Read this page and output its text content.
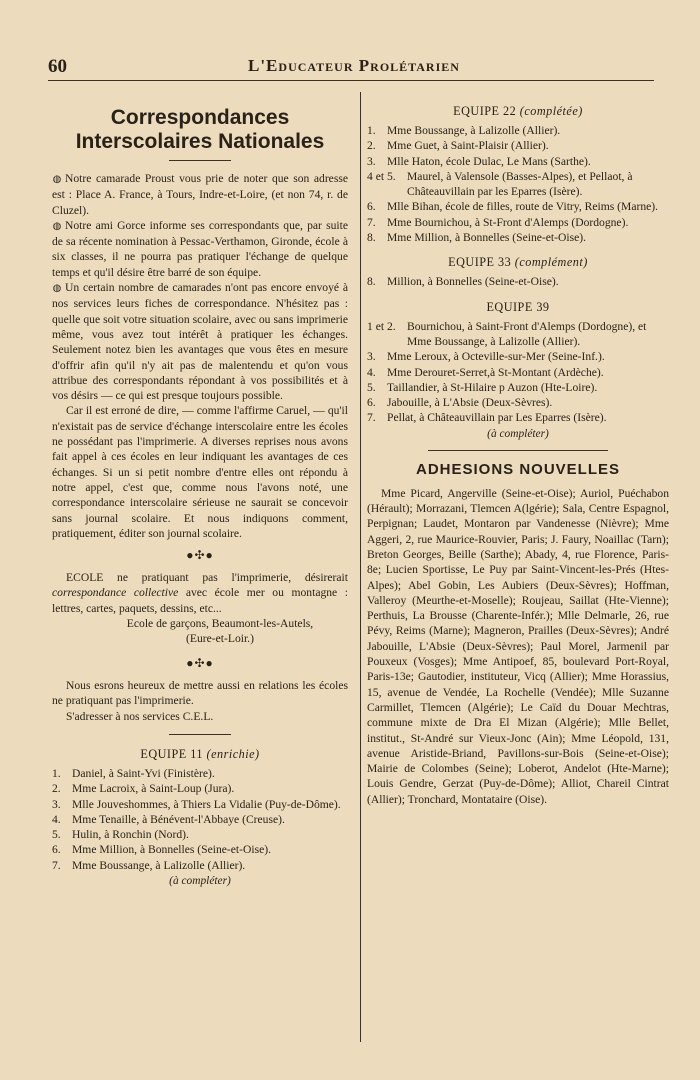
60	L'Educateur Prolétarien
Correspondances Interscolaires Nationales

◍ Notre camarade Proust vous prie de noter que son adresse est : Place A. France, à Tours, Indre-et-Loire, (et non 74, r. de Cluzel).

◍ Notre ami Gorce informe ses correspondants que, par suite de sa récente nomination à Pessac-Verthamon, Gironde, école à six classes, il ne pourra pas pratiquer l'échange de quelque temps et qu'il désire être barré de son équipe.

◍ Un certain nombre de camarades n'ont pas encore envoyé à nos services leurs fiches de correspondance. N'hésitez pas : quelle que soit votre situation scolaire, avec ou sans imprimerie même, vous avez tout intérêt à pratiquer les échanges. Seulement notez bien les avantages que vous êtes en mesure d'offrir afin qu'il n'y ait pas de malentendu et qu'on vous attribue des correspondants répondant à vos possibilités et à vos désirs — ce qui est presque toujours possible.

Car il est erroné de dire, — comme l'affirme Caruel, — qu'il n'existait pas de service d'échange interscolaire entre les écoles ne possédant pas l'imprimerie. A diverses reprises nous avons fait appel à ces écoles en leur indiquant les avantages de ces échanges. Si un si petit nombre d'entre elles ont répondu à notre appel, c'est que, comme nous l'avons noté, une correspondance interscolaire sérieuse ne saurait se concevoir sans journal scolaire. Et nous indiquons comment, pratiquement, éditer son journal scolaire.

●✣●

ECOLE ne pratiquant pas l'imprimerie, désirerait correspondance collective avec école mer ou montagne : lettres, cartes, paquets, dessins, etc...

Ecole de garçons, Beaumont-les-Autels,
(Eure-et-Loir.)
●✣●

Nous esrons heureux de mettre aussi en relations les écoles ne pratiquant pas l'imprimerie.

S'adresser à nos services C.E.L.

EQUIPE 11 (enrichie)
1. Daniel, à Saint-Yvi (Finistère).
2. Mme Lacroix, à Saint-Loup (Jura).
3. Mlle Jouveshommes, à Thiers La Vidalie (Puy-de-Dôme).
4. Mme Tenaille, à Bénévent-l'Abbaye (Creuse).
5. Hulin, à Ronchin (Nord).
6. Mme Million, à Bonnelles (Seine-et-Oise).
7. Mme Boussange, à Lalizolle (Allier).
(à compléter)
EQUIPE 22 (complétée)
1. Mme Boussange, à Lalizolle (Allier).
2. Mme Guet, à Saint-Plaisir (Allier).
3. Mlle Haton, école Dulac, Le Mans (Sarthe).
4 et 5. Maurel, à Valensole (Basses-Alpes), et Pellaot, à Châteauvillain par les Eparres (Isère).
6. Mlle Bihan, école de filles, route de Vitry, Reims (Marne).
7. Mme Bournichou, à St-Front d'Alemps (Dordogne).
8. Mme Million, à Bonnelles (Seine-et-Oise).
EQUIPE 33 (complément)
8. Million, à Bonnelles (Seine-et-Oise).
EQUIPE 39
1 et 2. Bournichou, à Saint-Front d'Alemps (Dordogne), et Mme Boussange, à Lalizolle (Allier).
3. Mme Leroux, à Octeville-sur-Mer (Seine-Inf.).
4. Mme Derouret-Serret,à St-Montant (Ardèche).
5. Taillandier, à St-Hilaire p Auzon (Hte-Loire).
6. Jabouille, à L'Absie (Deux-Sèvres).
7. Pellat, à Châteauvillain par Les Eparres (Isère).
(à compléter)
ADHESIONS NOUVELLES
Mme Picard, Angerville (Seine-et-Oise); Auriol, Puéchabon (Hérault); Morrazani, Tlemcen A(lgérie); Sala, Centre Espagnol, Perpignan; Laudet, Montaron par Vandenesse (Nièvre); Mme Aggeri, 2, rue Maurice-Rouvier, Paris; J. Faury, Noaillac (Tarn); Breton Georges, Beille (Sarthe); Abady, 4, rue Florence, Paris-8e; Lucien Sportisse, Le Puy par Saint-Vincent-les-Prés (Htes-Alpes); Abel Gobin, Les Aubiers (Deux-Sèvres); Hoffman, Valleroy (Meurthe-et-Moselle); Roujeau, Saillat (Hte-Vienne); Perthuis, La Brousse (Charente-Infér.); Mlle Delmarle, 26, rue Pévy, Reims (Marne); Magneron, Prailles (Deux-Sèvres); André Jabouille, L'Absie (Deux-Sèvres); Paul Morel, Jarmenil par Pouxeux (Vosges); Mme Antipoef, 85, boulevard Port-Royal, Paris-13e; Gautodier, instituteur, Vicq (Allier); Mme Horassius, 15, avenue de Vendée, La Rochelle (Vendée); Mlle Suzanne Carmillet, Tlemcen (Algérie); Le Caïd du Douar Mechtras, commune mixte de Dra El Mizan (Algérie); Mlle Bellet, institut., St-André sur Vieux-Jonc (Ain); Mme Léopold, 131, avenue Aristide-Briand, Pavillons-sur-Bois (Seine-et-Oise); Mairie de Colombes (Seine); Loberot, Andelot (Hte-Marne); Louis Gendre, Gerzat (Puy-de-Dôme); Alliot, Chareil Cintrat (Allier); Tronchard, Montataire (Oise).
